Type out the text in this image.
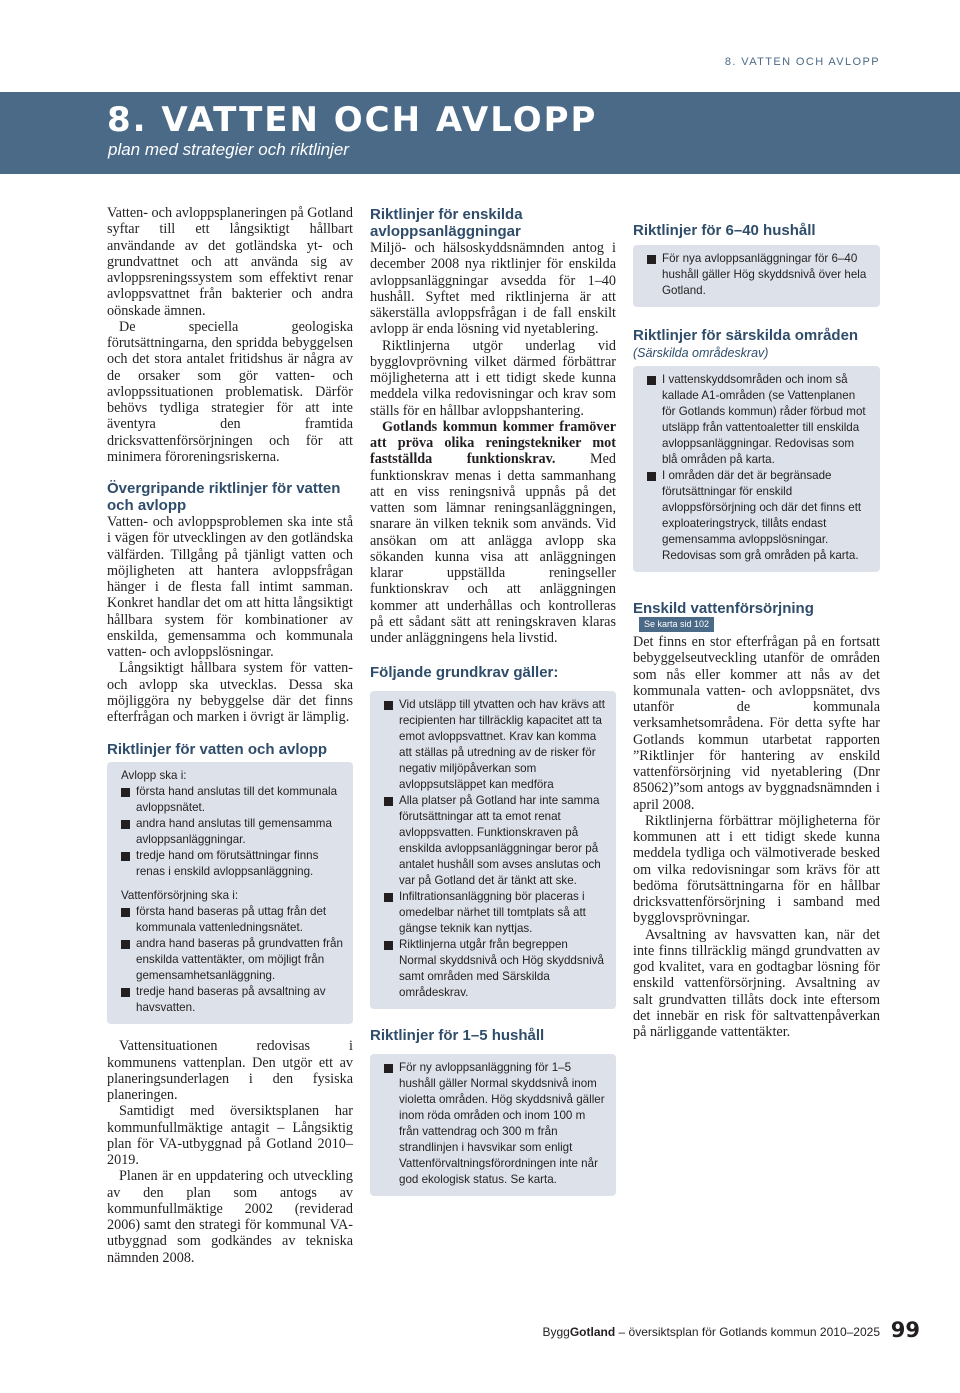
8. VATTEN OCH AVLOPP
8. VATTEN OCH AVLOPP
plan med strategier och riktlinjer

Vatten- och avloppsplaneringen på Gotland syftar till ett långsiktigt hållbart användande av det gotländska yt- och grundvattnet och att använda sig av avloppsreningssystem som effektivt renar avloppsvattnet från bakterier och andra oönskade ämnen.

De speciella geologiska förutsättningarna, den spridda bebyggelsen och det stora antalet fritidshus är några av de orsaker som gör vatten- och avloppssituationen problematisk. Därför behövs tydliga strategier för att inte äventyra den framtida dricksvattenförsörjningen och för att minimera föroreningsriskerna.

Övergripande riktlinjer för vatten och avlopp

Vatten- och avloppsproblemen ska inte stå i vägen för utvecklingen av den gotländska välfärden. Tillgång på tjänligt vatten och möjligheten att hantera avloppsfrågan hänger i de flesta fall intimt samman. Konkret handlar det om att hitta långsiktigt hållbara system för kombinationer av enskilda, gemensamma och kommunala vatten- och avloppslösningar.

Långsiktigt hållbara system för vatten- och avlopp ska utvecklas. Dessa ska möjliggöra ny bebyggelse där det finns efterfrågan och marken i övrigt är lämplig.

Riktlinjer för vatten och avlopp

Avlopp ska i:

första hand anslutas till det kommunala avloppsnätet.
andra hand anslutas till gemensamma avloppsanläggningar.
tredje hand om förutsättningar finns renas i enskild avloppsanläggning.

Vattenförsörjning ska i:

första hand baseras på uttag från det kommunala vattenledningsnätet.
andra hand baseras på grundvatten från enskilda vattentäkter, om möjligt från gemensamhetsanläggning.
tredje hand baseras på avsaltning av havsvatten.

Vattensituationen redovisas i kommunens vattenplan. Den utgör ett av planeringsunderlagen i den fysiska planeringen.

Samtidigt med översiktsplanen har kommunfullmäktige antagit – Långsiktig plan för VA-utbyggnad på Gotland 2010–2019.

Planen är en uppdatering och utveckling av den plan som antogs av kommunfullmäktige 2002 (reviderad 2006) samt den strategi för kommunal VA-utbyggnad som godkändes av tekniska nämnden 2008.

Riktlinjer för enskilda avloppsanläggningar

Miljö- och hälsoskyddsnämnden antog i december 2008 nya riktlinjer för enskilda avloppsanläggningar avsedda för 1–40 hushåll. Syftet med riktlinjerna är att säkerställa avloppsfrågan i de fall enskilt avlopp är enda lösning vid nyetablering.

Riktlinjerna utgör underlag vid bygglovprövning vilket därmed förbättrar möjligheterna att i ett tidigt skede kunna meddela vilka redovisningar och krav som ställs för en hållbar avloppshantering.

Gotlands kommun kommer framöver att pröva olika reningstekniker mot fastställda funktionskrav. Med funktionskrav menas i detta sammanhang att en viss reningsnivå uppnås på det vatten som lämnar reningsanläggningen, snarare än vilken teknik som används. Vid ansökan om att anlägga avlopp ska sökanden kunna visa att anläggningen klarar uppställda reningseller funktionskrav och att anläggningen kommer att underhållas och kontrolleras på ett sådant sätt att reningskraven klaras under anläggningens hela livstid.

Följande grundkrav gäller:
Vid utsläpp till ytvatten och hav krävs att recipienten har tillräcklig kapacitet att ta emot avloppsvattnet. Krav kan komma att ställas på utredning av de risker för negativ miljöpåverkan som avloppsutsläppet kan medföra
Alla platser på Gotland har inte samma förutsättningar att ta emot renat avloppsvatten. Funktionskraven på enskilda avloppsanläggningar beror på antalet hushåll som avses anslutas och var på Gotland det är tänkt att ske.
Infiltrationsanläggning bör placeras i omedelbar närhet till tomtplats så att gängse teknik kan nyttjas.
Riktlinjerna utgår från begreppen Normal skyddsnivå och Hög skyddsnivå samt områden med Särskilda områdeskrav.
Riktlinjer för 1–5 hushåll
För ny avloppsanläggning för 1–5 hushåll gäller Normal skyddsnivå inom violetta områden. Hög skyddsnivå gäller inom röda områden och inom 100 m från vattendrag och 300 m från strandlinjen i havsvikar som enligt Vattenförvaltningsförordningen inte når god ekologisk status. Se karta.
Riktlinjer för 6–40 hushåll
För nya avloppsanläggningar för 6–40 hushåll gäller Hög skyddsnivå över hela Gotland.
Riktlinjer för särskilda områden

(Särskilda områdeskrav)

I vattenskyddsområden och inom så kallade A1-områden (se Vattenplanen för Gotlands kommun) råder förbud mot utsläpp från vattentoaletter till enskilda avloppsanläggningar. Redovisas som blå områden på karta.
I områden där det är begränsade förutsättningar för enskild avloppsförsörjning och där det finns ett exploateringstryck, tillåts endast gemensamma avloppslösningar. Redovisas som grå områden på karta.
Enskild vattenförsörjningSe karta sid 102

Det finns en stor efterfrågan på en fortsatt bebyggelseutveckling utanför de områden som nås eller kommer att nås av det kommunala vatten- och avloppsnätet, dvs utanför de kommunala verksamhetsområdena. För detta syfte har Gotlands kommun utarbetat rapporten ”Riktlinjer för hantering av enskild vattenförsörjning vid nyetablering (Dnr 85062)”som antogs av byggnadsnämnden i april 2008.

Riktlinjerna förbättrar möjligheterna för kommunen att i ett tidigt skede kunna meddela tydliga och välmotiverade besked om vilka redovisningar som krävs för att bedöma förutsättningarna för en hållbar dricksvattenförsörjning i samband med bygglovsprövningar.

Avsaltning av havsvatten kan, när det inte finns tillräcklig mängd grundvatten av god kvalitet, vara en godtagbar lösning för enskild vattenförsörjning. Avsaltning av salt grundvatten tillåts dock inte eftersom det innebär en risk för saltvattenpåverkan på närliggande vattentäkter.

ByggGotland – översiktsplan för Gotlands kommun 2010–2025 99
